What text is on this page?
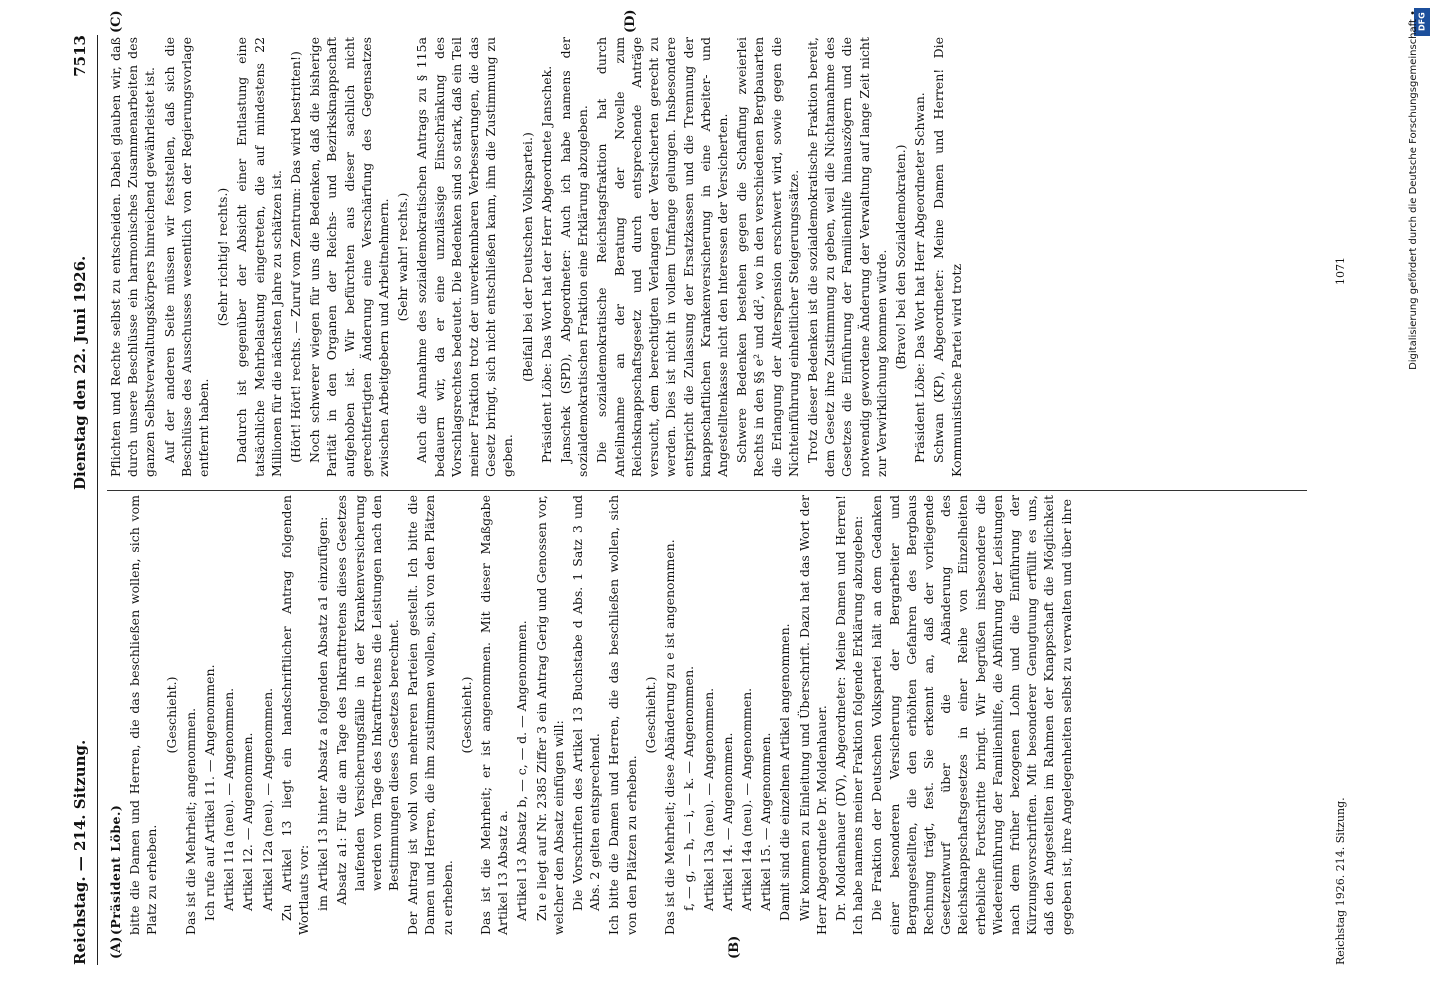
DFG
Digitalisierung gefördert durch die Deutsche Forschungsgemeinschaft •
Reichstag. — 214. Sitzung.
Dienstag den 22. Juni 1926.
7513
(A)	(B)
(C)	(D)

(Präsident Löbe.) bitte die Damen und Herren, die das beschließen wollen, sich vom Platz zu erheben.

(Geschieht.) Das ist die Mehrheit; angenommen. Ich rufe auf Artikel 11. — Angenommen. Artikel 11a (neu). — Angenommen. Artikel 12. — Angenommen. Artikel 12a (neu). — Angenommen. Zu Artikel 13 liegt ein handschriftlicher Antrag folgenden Wortlauts vor: im Artikel 13 hinter Absatz a folgenden Absatz a1 einzufügen: Absatz a1: Für die am Tage des Inkrafttretens dieses Gesetzes laufenden Versicherungsfälle in der Krankenversicherung werden vom Tage des Inkrafttretens die Leistungen nach den Bestimmungen dieses Gesetzes berechnet. Der Antrag ist wohl von mehreren Parteien gestellt. Ich bitte die Damen und Herren, die ihm zustimmen wollen, sich von den Plätzen zu erheben.

(Geschieht.) Das ist die Mehrheit; er ist angenommen. Mit dieser Maßgabe Artikel 13 Absatz a. Artikel 13 Absatz b, — c, — d. — Angenommen. Zu e liegt auf Nr. 2385 Ziffer 3 ein Antrag Gerig und Genossen vor, welcher den Absatz einfügen will: Die Vorschriften des Artikel 13 Buchstabe d Abs. 1 Satz 3 und Abs. 2 gelten entsprechend. Ich bitte die Damen und Herren, die das beschließen wollen, sich von den Plätzen zu erheben.

(Geschieht.) Das ist die Mehrheit; diese Abänderung zu e ist angenommen. f, — g, — h, — i, — k. — Angenommen. Artikel 13a (neu). — Angenommen. Artikel 14. — Angenommen. Artikel 14a (neu). — Angenommen. Artikel 15. — Angenommen. Damit sind die einzelnen Artikel angenommen. Wir kommen zu Einleitung und Überschrift. Dazu hat das Wort der Herr Abgeordnete Dr. Moldenhauer. Dr. Moldenhauer (DV), Abgeordneter: Meine Damen und Herren! Ich habe namens meiner Fraktion folgende Erklärung abzugeben: Die Fraktion der Deutschen Volkspartei hält an dem Gedanken einer besonderen Versicherung der Bergarbeiter und Bergangestellten, die den erhöhten Gefahren des Bergbaus Rechnung trägt, fest. Sie erkennt an, daß der vorliegende Gesetzentwurf über die Abänderung des Reichsknappschaftsgesetzes in einer Reihe von Einzelheiten erhebliche Fortschritte bringt. Wir begrüßen insbesondere die Wiedereinführung der Familienhilfe, die Abführung der Leistungen nach dem früher bezogenen Lohn und die Einführung der Kürzungsvorschriften. Mit besonderer Genugtuung erfüllt es uns, daß den Angestellten im Rahmen der Knappschaft die Möglichkeit gegeben ist, ihre Angelegenheiten selbst zu verwalten und über ihre

Pflichten und Rechte selbst zu entscheiden. Dabei glauben wir, daß durch unsere Beschlüsse ein harmonisches Zusammenarbeiten des ganzen Selbstverwaltungskörpers hinreichend gewährleistet ist. Auf der anderen Seite müssen wir feststellen, daß sich die Beschlüsse des Ausschusses wesentlich von der Regierungsvorlage entfernt haben.

(Sehr richtig! rechts.) Dadurch ist gegenüber der Absicht einer Entlastung eine tatsächliche Mehrbelastung eingetreten, die auf mindestens 22 Millionen für die nächsten Jahre zu schätzen ist. (Hört! Hört! rechts. — Zuruf vom Zentrum: Das wird bestritten!) Noch schwerer wiegen für uns die Bedenken, daß die bisherige Parität in den Organen der Reichs- und Bezirksknappschaft aufgehoben ist. Wir befürchten aus dieser sachlich nicht gerechtfertigten Änderung eine Verschärfung des Gegensatzes zwischen Arbeitgebern und Arbeitnehmern. (Sehr wahr! rechts.) Auch die Annahme des sozialdemokratischen Antrags zu § 115a bedauern wir, da er eine unzulässige Einschränkung des Vorschlagsrechtes bedeutet. Die Bedenken sind so stark, daß ein Teil meiner Fraktion trotz der unverkennbaren Verbesserungen, die das Gesetz bringt, sich nicht entschließen kann, ihm die Zustimmung zu geben.

(Beifall bei der Deutschen Volkspartei.) Präsident Löbe: Das Wort hat der Herr Abgeordnete Janschek. Janschek (SPD), Abgeordneter: Auch ich habe namens der sozialdemokratischen Fraktion eine Erklärung abzugeben. Die sozialdemokratische Reichstagsfraktion hat durch Anteilnahme an der Beratung der Novelle zum Reichsknappschaftsgesetz und durch entsprechende Anträge versucht, dem berechtigten Verlangen der Versicherten gerecht zu werden. Dies ist nicht in vollem Umfange gelungen. Insbesondere entspricht die Zulassung der Ersatzkassen und die Trennung der knappschaftlichen Krankenversicherung in eine Arbeiter- und Angestelltenkasse nicht den Interessen der Versicherten. Schwere Bedenken bestehen gegen die Schaffung zweierlei Rechts in den §§ e² und dd², wo in den verschiedenen Bergbauarten die Erlangung der Alterspension erschwert wird, sowie gegen die Nichteinführung einheitlicher Steigerungssätze. Trotz dieser Bedenken ist die sozialdemokratische Fraktion bereit, dem Gesetz ihre Zustimmung zu geben, weil die Nichtannahme des Gesetzes die Einführung der Familienhilfe hinauszögern und die notwendig gewordene Änderung der Verwaltung auf lange Zeit nicht zur Verwirklichung kommen würde. (Bravo! bei den Sozialdemokraten.) Präsident Löbe: Das Wort hat Herr Abgeordneter Schwan. Schwan (KP), Abgeordneter: Meine Damen und Herren! Die Kommunistische Partei wird trotz

Reichstag 1926. 214. Sitzung.
1071
